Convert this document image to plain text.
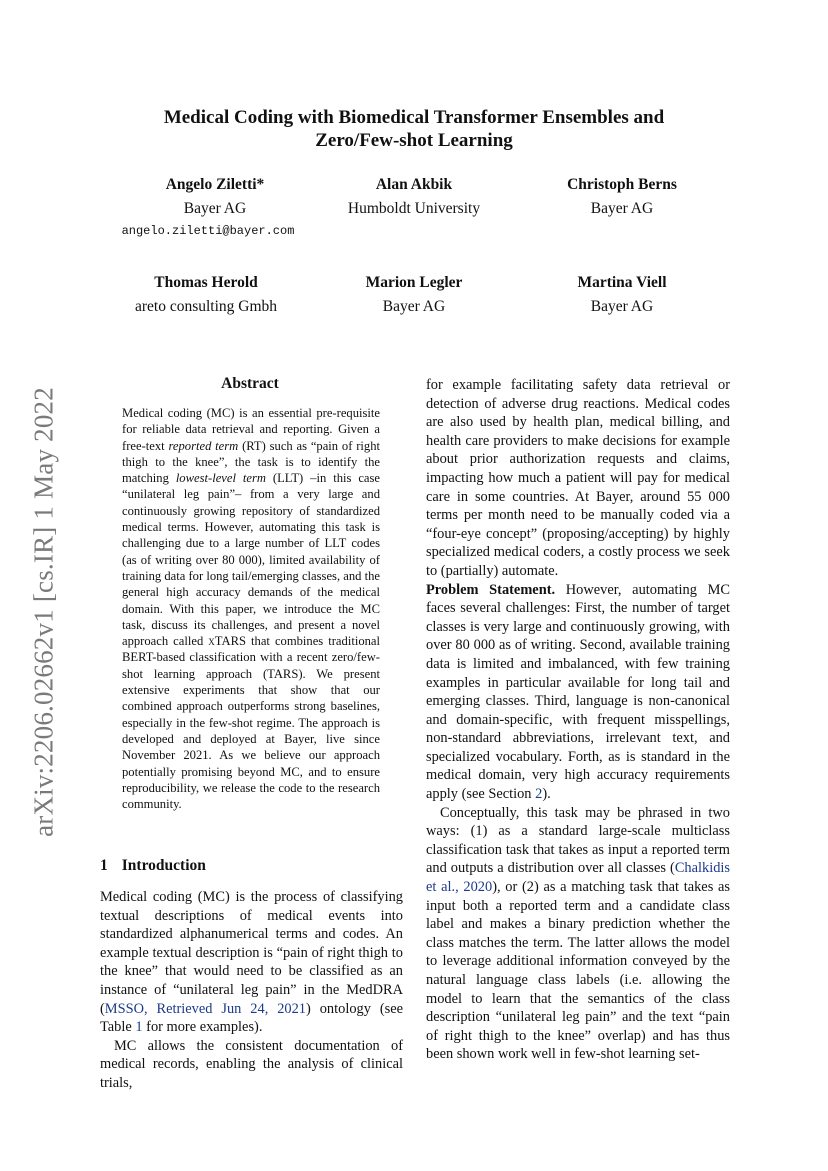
arXiv:2206.02662v1 [cs.IR] 1 May 2022
Medical Coding with Biomedical Transformer Ensembles and
Zero/Few-shot Learning
Angelo Ziletti*
Bayer AG
Alan Akbik
Humboldt University
Christoph Berns
Bayer AG
angelo.ziletti@bayer.com
Thomas Herold
areto consulting Gmbh
Marion Legler
Bayer AG
Martina Viell
Bayer AG
Abstract

Medical coding (MC) is an essential pre-requisite for reliable data retrieval and reporting. Given a free-text reported term (RT) such as “pain of right thigh to the knee”, the task is to identify the matching lowest-level term (LLT) –in this case “unilateral leg pain”– from a very large and continuously growing repository of standardized medical terms. However, automating this task is challenging due to a large number of LLT codes (as of writing over 80 000), limited availability of training data for long tail/emerging classes, and the general high accuracy demands of the medical domain. With this paper, we introduce the MC task, discuss its challenges, and present a novel approach called xTARS that combines traditional BERT-based classification with a recent zero/few-shot learning approach (TARS). We present extensive experiments that show that our combined approach outperforms strong baselines, especially in the few-shot regime. The approach is developed and deployed at Bayer, live since November 2021. As we believe our approach potentially promising beyond MC, and to ensure reproducibility, we release the code to the research community.

1 Introduction

Medical coding (MC) is the process of classifying textual descriptions of medical events into standardized alphanumerical terms and codes. An example textual description is “pain of right thigh to the knee” that would need to be classified as an instance of “unilateral leg pain” in the MedDRA (MSSO, Retrieved Jun 24, 2021) ontology (see Table 1 for more examples).

MC allows the consistent documentation of medical records, enabling the analysis of clinical trials,

for example facilitating safety data retrieval or detection of adverse drug reactions. Medical codes are also used by health plan, medical billing, and health care providers to make decisions for example about prior authorization requests and claims, impacting how much a patient will pay for medical care in some countries. At Bayer, around 55 000 terms per month need to be manually coded via a “four-eye concept” (proposing/accepting) by highly specialized medical coders, a costly process we seek to (partially) automate.

Problem Statement. However, automating MC faces several challenges: First, the number of target classes is very large and continuously growing, with over 80 000 as of writing. Second, available training data is limited and imbalanced, with few training examples in particular available for long tail and emerging classes. Third, language is non-canonical and domain-specific, with frequent misspellings, non-standard abbreviations, irrelevant text, and specialized vocabulary. Forth, as is standard in the medical domain, very high accuracy requirements apply (see Section 2).

Conceptually, this task may be phrased in two ways: (1) as a standard large-scale multiclass classification task that takes as input a reported term and outputs a distribution over all classes (Chalkidis et al., 2020), or (2) as a matching task that takes as input both a reported term and a candidate class label and makes a binary prediction whether the class matches the term. The latter allows the model to leverage additional information conveyed by the natural language class labels (i.e. allowing the model to learn that the semantics of the class description “unilateral leg pain” and the text “pain of right thigh to the knee” overlap) and has thus been shown work well in few-shot learning set-
